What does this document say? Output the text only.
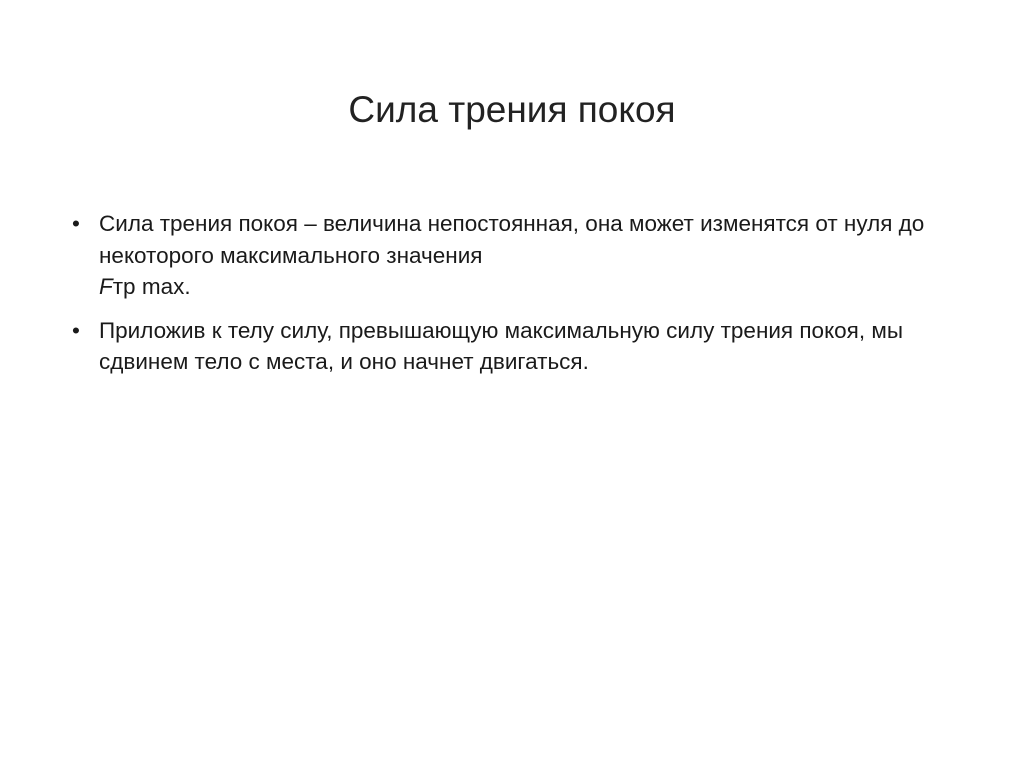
Сила трения покоя
• Сила трения покоя – величина непостоянная, она может изменятся от нуля до некоторого максимального значения
Fтр max.
• Приложив к телу силу, превышающую максимальную силу трения покоя, мы сдвинем тело с места, и оно начнет двигаться.
